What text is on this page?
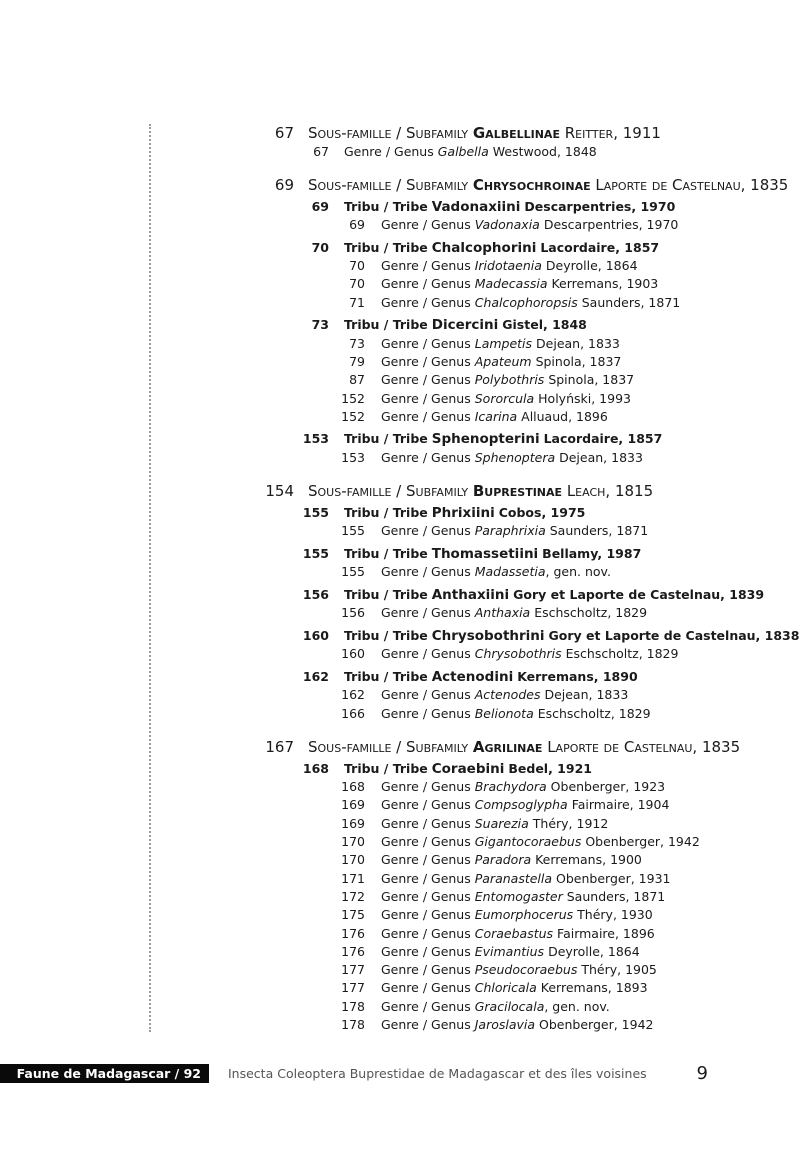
67 Sous-famille / Subfamily Galbellinae Reitter, 1911
67 Genre / Genus Galbella Westwood, 1848
69 Sous-famille / Subfamily Chrysochroinae Laporte de Castelnau, 1835
69 Tribu / Tribe Vadonaxiini Descarpentries, 1970
69 Genre / Genus Vadonaxia Descarpentries, 1970
70 Tribu / Tribe Chalcophorini Lacordaire, 1857
70 Genre / Genus Iridotaenia Deyrolle, 1864
70 Genre / Genus Madecassia Kerremans, 1903
71 Genre / Genus Chalcophoropsis Saunders, 1871
73 Tribu / Tribe Dicercini Gistel, 1848
73 Genre / Genus Lampetis Dejean, 1833
79 Genre / Genus Apateum Spinola, 1837
87 Genre / Genus Polybothris Spinola, 1837
152 Genre / Genus Sororcula Holyński, 1993
152 Genre / Genus Icarina Alluaud, 1896
153 Tribu / Tribe Sphenopterini Lacordaire, 1857
153 Genre / Genus Sphenoptera Dejean, 1833
154 Sous-famille / Subfamily Buprestinae Leach, 1815
155 Tribu / Tribe Phrixiini Cobos, 1975
155 Genre / Genus Paraphrixia Saunders, 1871
155 Tribu / Tribe Thomassetiini Bellamy, 1987
155 Genre / Genus Madassetia, gen. nov.
156 Tribu / Tribe Anthaxiini Gory et Laporte de Castelnau, 1839
156 Genre / Genus Anthaxia Eschscholtz, 1829
160 Tribu / Tribe Chrysobothrini Gory et Laporte de Castelnau, 1838
160 Genre / Genus Chrysobothris Eschscholtz, 1829
162 Tribu / Tribe Actenodini Kerremans, 1890
162 Genre / Genus Actenodes Dejean, 1833
166 Genre / Genus Belionota Eschscholtz, 1829
167 Sous-famille / Subfamily Agrilinae Laporte de Castelnau, 1835
168 Tribu / Tribe Coraebini Bedel, 1921
168 Genre / Genus Brachydora Obenberger, 1923
169 Genre / Genus Compsoglypha Fairmaire, 1904
169 Genre / Genus Suarezia Théry, 1912
170 Genre / Genus Gigantocoraebus Obenberger, 1942
170 Genre / Genus Paradora Kerremans, 1900
171 Genre / Genus Paranastella Obenberger, 1931
172 Genre / Genus Entomogaster Saunders, 1871
175 Genre / Genus Eumorphocerus Théry, 1930
176 Genre / Genus Coraebastus Fairmaire, 1896
176 Genre / Genus Evimantius Deyrolle, 1864
177 Genre / Genus Pseudocoraebus Théry, 1905
177 Genre / Genus Chloricala Kerremans, 1893
178 Genre / Genus Gracilocala, gen. nov.
178 Genre / Genus Jaroslavia Obenberger, 1942
Faune de Madagascar / 92	Insecta Coleoptera Buprestidae de Madagascar et des îles voisines	9
